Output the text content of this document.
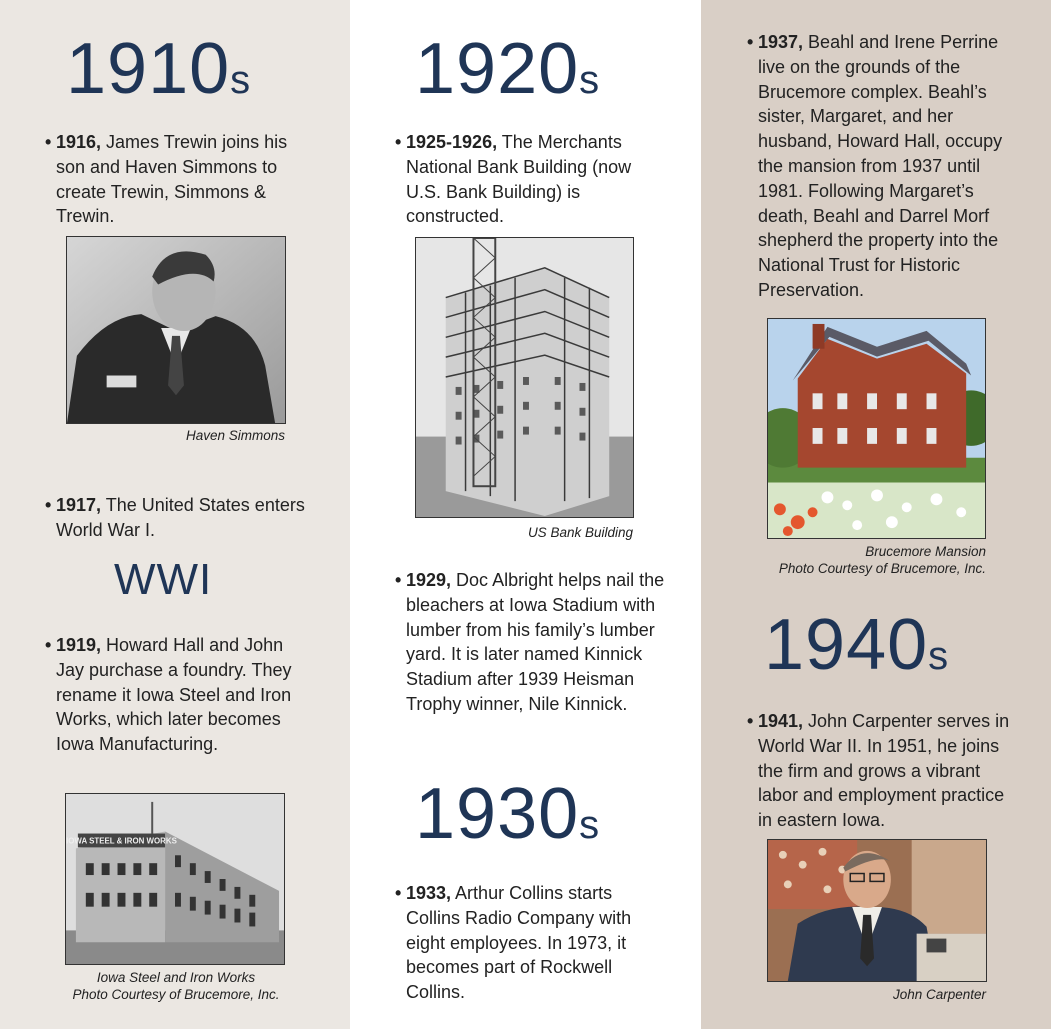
1910s
• 1916, James Trewin joins his son and Haven Simmons to create Trewin, Simmons & Trewin.
Haven Simmons
• 1917, The United States enters World War I.
WWI
• 1919, Howard Hall and John Jay purchase a foundry. They rename it Iowa Steel and Iron Works, which later becomes Iowa Manufacturing.
IOWA STEEL & IRON WORKS
Iowa Steel and Iron Works
Photo Courtesy of Brucemore, Inc.
1920s
• 1925-1926, The Merchants National Bank Building (now U.S. Bank Building) is constructed.
US Bank Building
• 1929, Doc Albright helps nail the bleachers at Iowa Stadium with lumber from his family’s lumber yard. It is later named Kinnick Stadium after 1939 Heisman Trophy winner, Nile Kinnick.
1930s
• 1933, Arthur Collins starts Collins Radio Company with eight employees. In 1973, it becomes part of Rockwell Collins.
• 1937, Beahl and Irene Perrine live on the grounds of the Brucemore complex. Beahl’s sister, Margaret, and her husband, Howard Hall, occupy the mansion from 1937 until 1981. Following Margaret’s death, Beahl and Darrel Morf shepherd the property into the National Trust for Historic Preservation.
Brucemore Mansion
Photo Courtesy of Brucemore, Inc.
1940s
• 1941, John Carpenter serves in World War II. In 1951, he joins the firm and grows a vibrant labor and employment practice in eastern Iowa.
John Carpenter
